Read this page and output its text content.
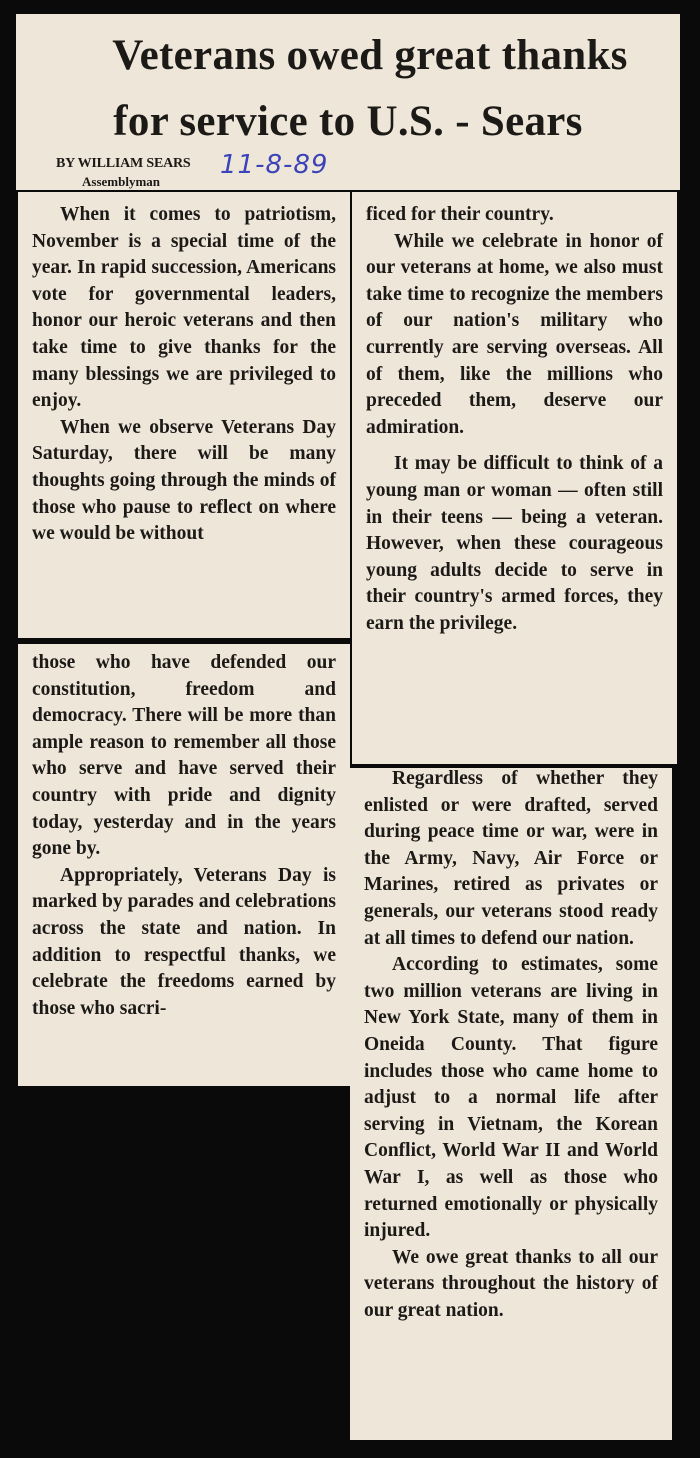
Veterans owed great thanks
for service to U.S. - Sears
BY WILLIAM SEARS
Assemblyman
11-8-89

When it comes to patriotism, November is a special time of the year. In rapid succession, Americans vote for governmental leaders, honor our heroic veterans and then take time to give thanks for the many blessings we are privileged to enjoy.

When we observe Veterans Day Saturday, there will be many thoughts going through the minds of those who pause to reflect on where we would be without

those who have defended our constitution, freedom and democracy. There will be more than ample reason to remember all those who serve and have served their country with pride and dignity today, yesterday and in the years gone by.

Appropriately, Veterans Day is marked by parades and celebrations across the state and nation. In addition to respectful thanks, we celebrate the freedoms earned by those who sacri-

ficed for their country.

While we celebrate in honor of our veterans at home, we also must take time to recognize the members of our nation's military who currently are serving overseas. All of them, like the millions who preceded them, deserve our admiration.

It may be difficult to think of a young man or woman — often still in their teens — being a veteran. However, when these courageous young adults decide to serve in their country's armed forces, they earn the privilege.

Regardless of whether they enlisted or were drafted, served during peace time or war, were in the Army, Navy, Air Force or Marines, retired as privates or generals, our veterans stood ready at all times to defend our nation.

According to estimates, some two million veterans are living in New York State, many of them in Oneida County. That figure includes those who came home to adjust to a normal life after serving in Vietnam, the Korean Conflict, World War II and World War I, as well as those who returned emotionally or physically injured.

We owe great thanks to all our veterans throughout the history of our great nation.
